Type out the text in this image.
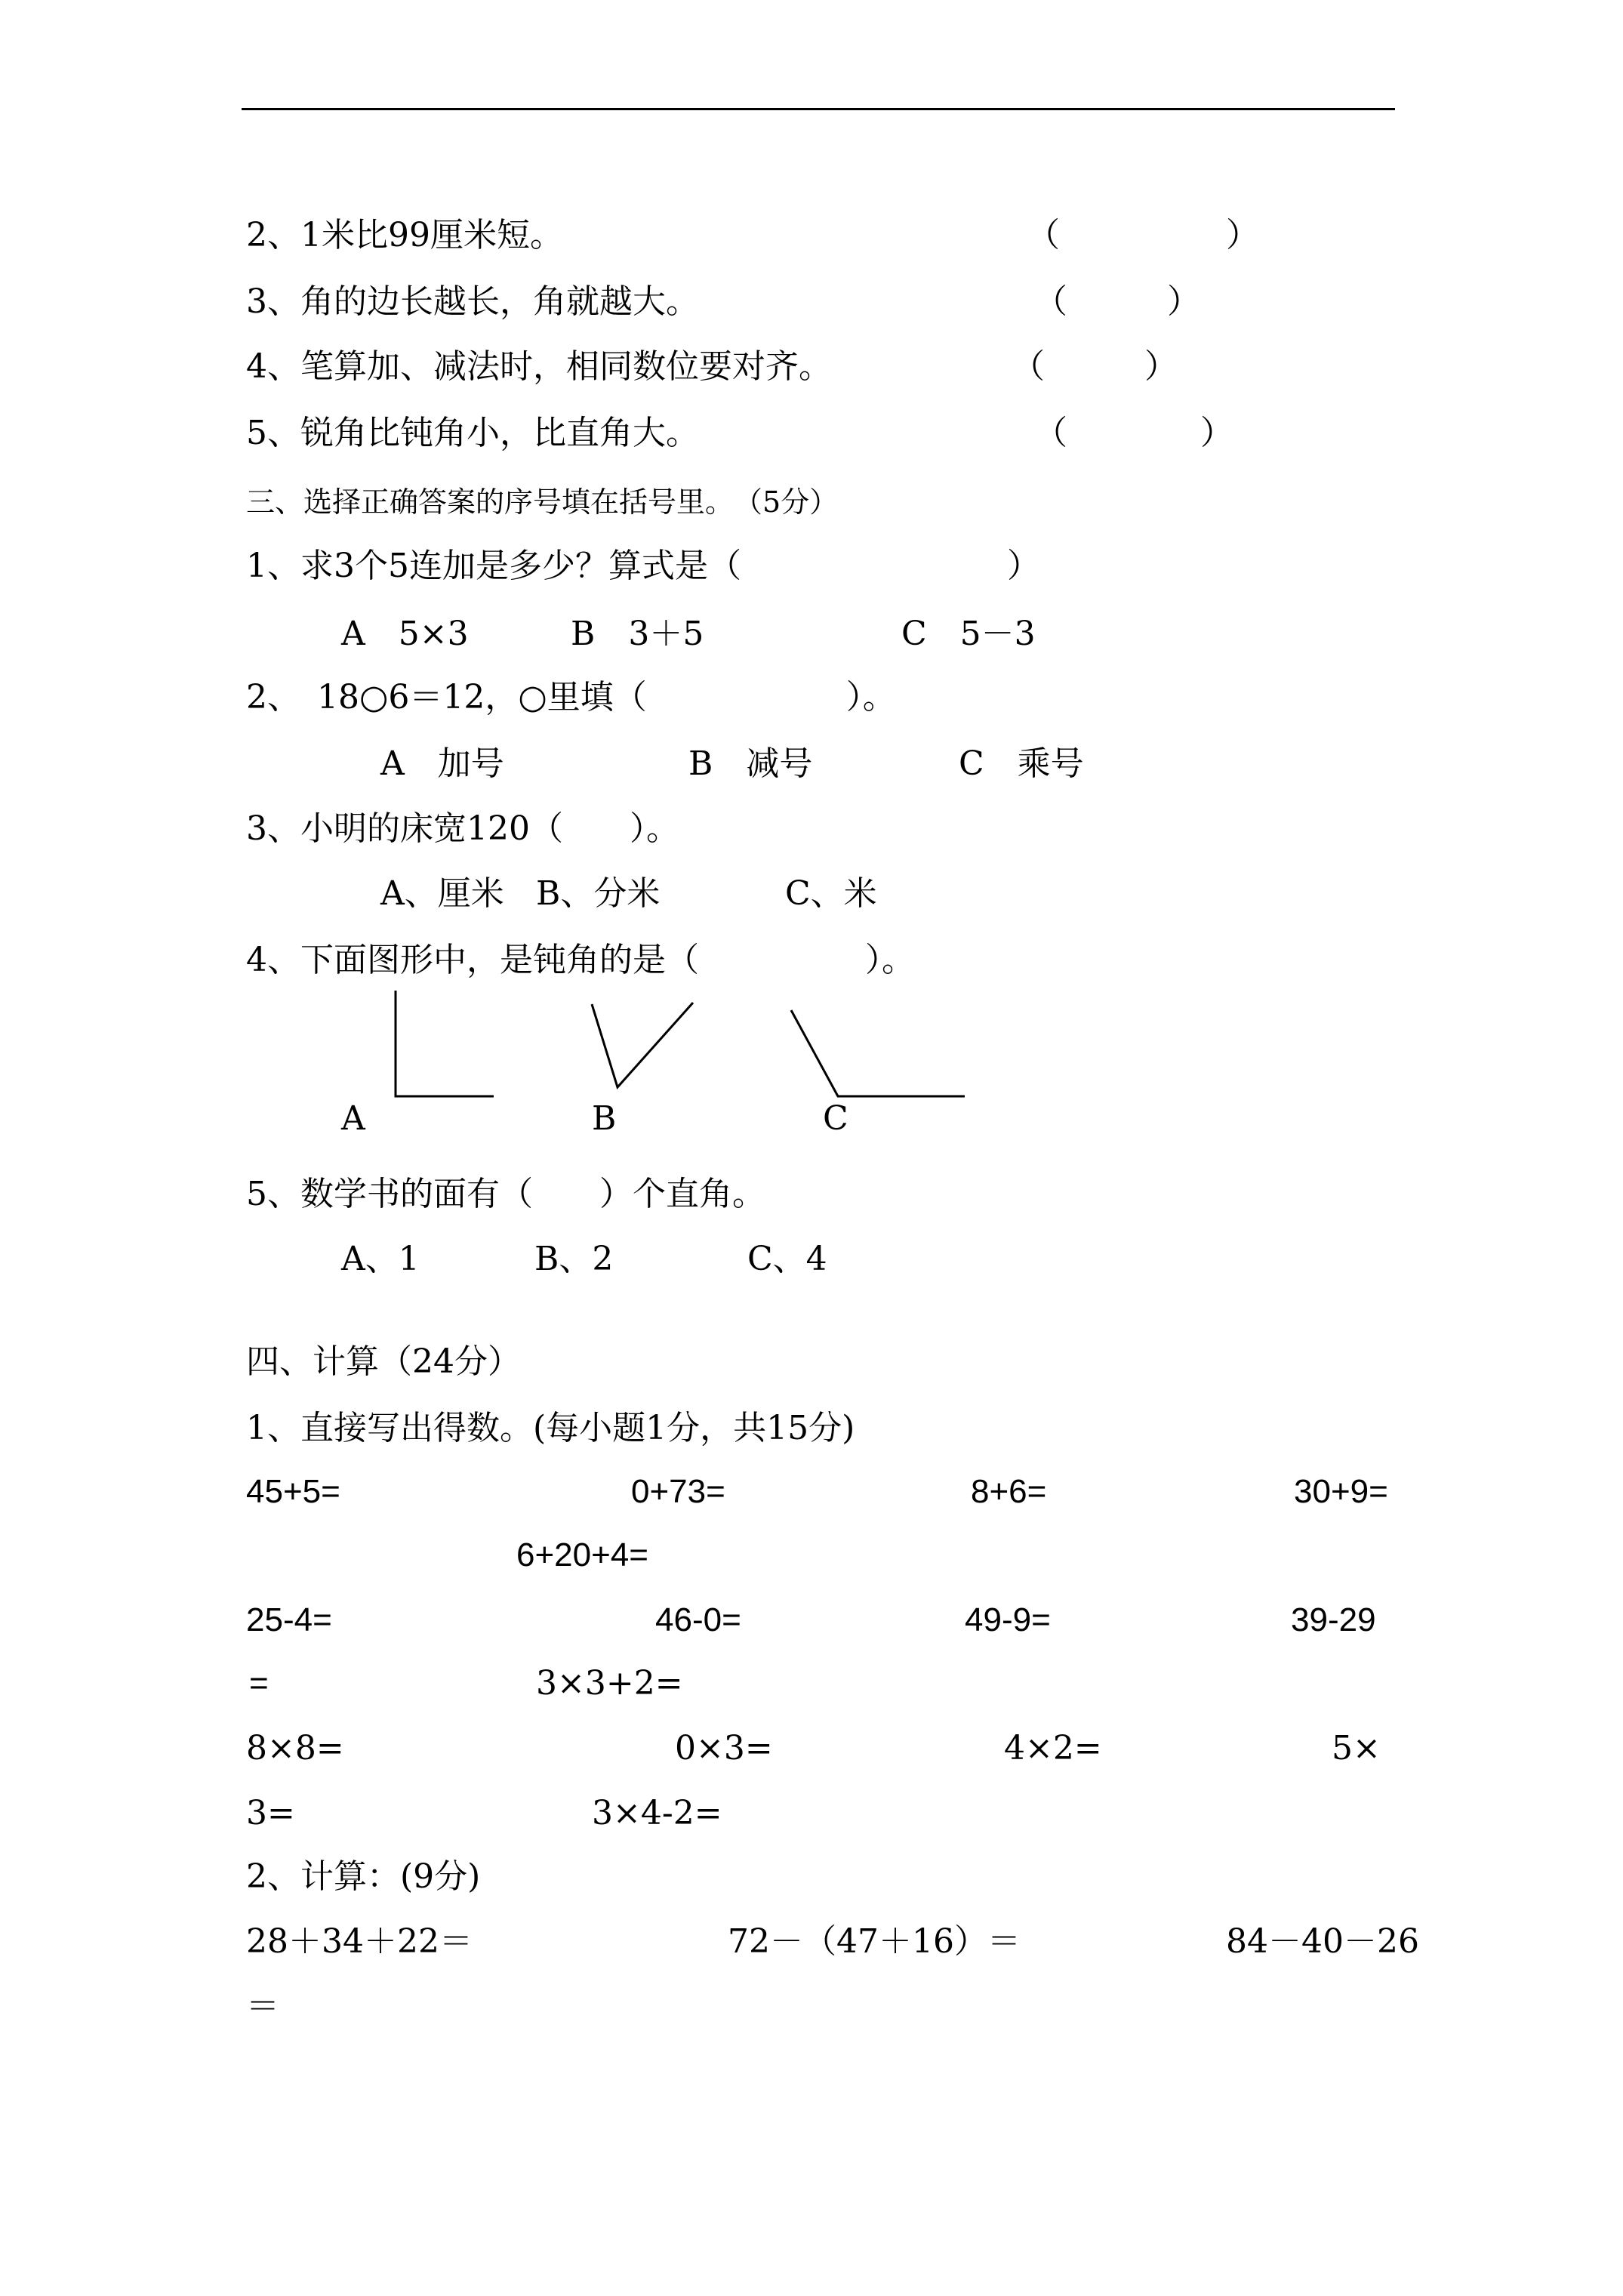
2、1米比99厘米短。	（　　　　　）
3、角的边长越长，角就越大。	（　　　）
4、笔算加、减法时，相同数位要对齐。	（　　　）
5、锐角比钝角小，比直角大。	（　　　　）
三、选择正确答案的序号填在括号里。　（5分）
1、求3个5连加是多少？算式是（　　　　　　　　）
A　5×3	B　3＋5	C　5－3
2、　18○6＝12，○里填（　　　　　　）。
A　加号	B　减号	C　乘号
3、小明的床宽120（　　）。
A、厘米 B、分米	C、米
4、下面图形中，是钝角的是（　　　　　）。
A	B	C
5、数学书的面有（　　）个直角。
A、1	B、2	C、4
四、计算（24分）
1、直接写出得数。(每小题1分，共15分)
45+5=	0+73=	8+6=	30+9=
6+20+4=
25-4=	46-0=	49-9=	39-29
=	3×3+2=
8×8=	0×3=	4×2=	5×
3=	3×4-2=
2、计算：(9分)
28＋34＋22＝	72－（47＋16）＝	84－40－26
＝
